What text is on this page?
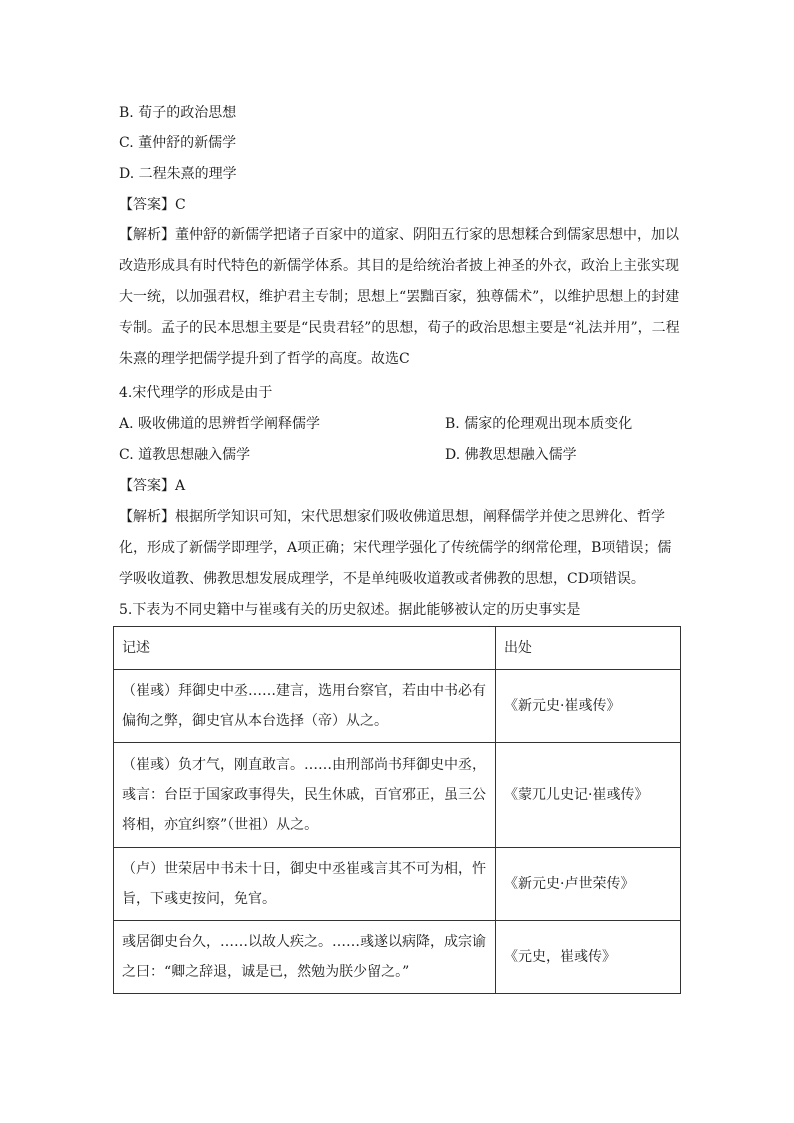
B. 荀子的政治思想
C. 董仲舒的新儒学
D. 二程朱熹的理学
【答案】C
【解析】董仲舒的新儒学把诸子百家中的道家、阴阳五行家的思想糅合到儒家思想中，加以改造形成具有时代特色的新儒学体系。其目的是给统治者披上神圣的外衣，政治上主张实现大一统，以加强君权，维护君主专制；思想上“罢黜百家，独尊儒术”，以维护思想上的封建专制。孟子的民本思想主要是“民贵君轻”的思想，荀子的政治思想主要是“礼法并用”，二程朱熹的理学把儒学提升到了哲学的高度。故选C
4.宋代理学的形成是由于
A. 吸收佛道的思辨哲学阐释儒学	B. 儒家的伦理观出现本质变化
C. 道教思想融入儒学	D. 佛教思想融入儒学
【答案】A
【解析】根据所学知识可知，宋代思想家们吸收佛道思想，阐释儒学并使之思辨化、哲学化，形成了新儒学即理学，A项正确；宋代理学强化了传统儒学的纲常伦理，B项错误；儒学吸收道教、佛教思想发展成理学，不是单纯吸收道教或者佛教的思想，CD项错误。
5.下表为不同史籍中与崔彧有关的历史叙述。据此能够被认定的历史事实是
记述	出处
（崔彧）拜御史中丞……建言，选用台察官，若由中书必有偏徇之弊，御史官从本台选择（帝）从之。	《新元史·崔彧传》
（崔彧）负才气，刚直敢言。……由刑部尚书拜御史中丞，彧言：台臣于国家政事得失，民生休戚，百官邪正，虽三公将相，亦宜纠察”（世祖）从之。	《蒙兀儿史记·崔彧传》
（卢）世荣居中书未十日，御史中丞崔彧言其不可为相，忤旨，下彧吏按问，免官。	《新元史·卢世荣传》
彧居御史台久，……以故人疾之。……彧遂以病降，成宗谕之曰：“卿之辞退，诚是已，然勉为朕少留之。”	《元史，崔彧传》
